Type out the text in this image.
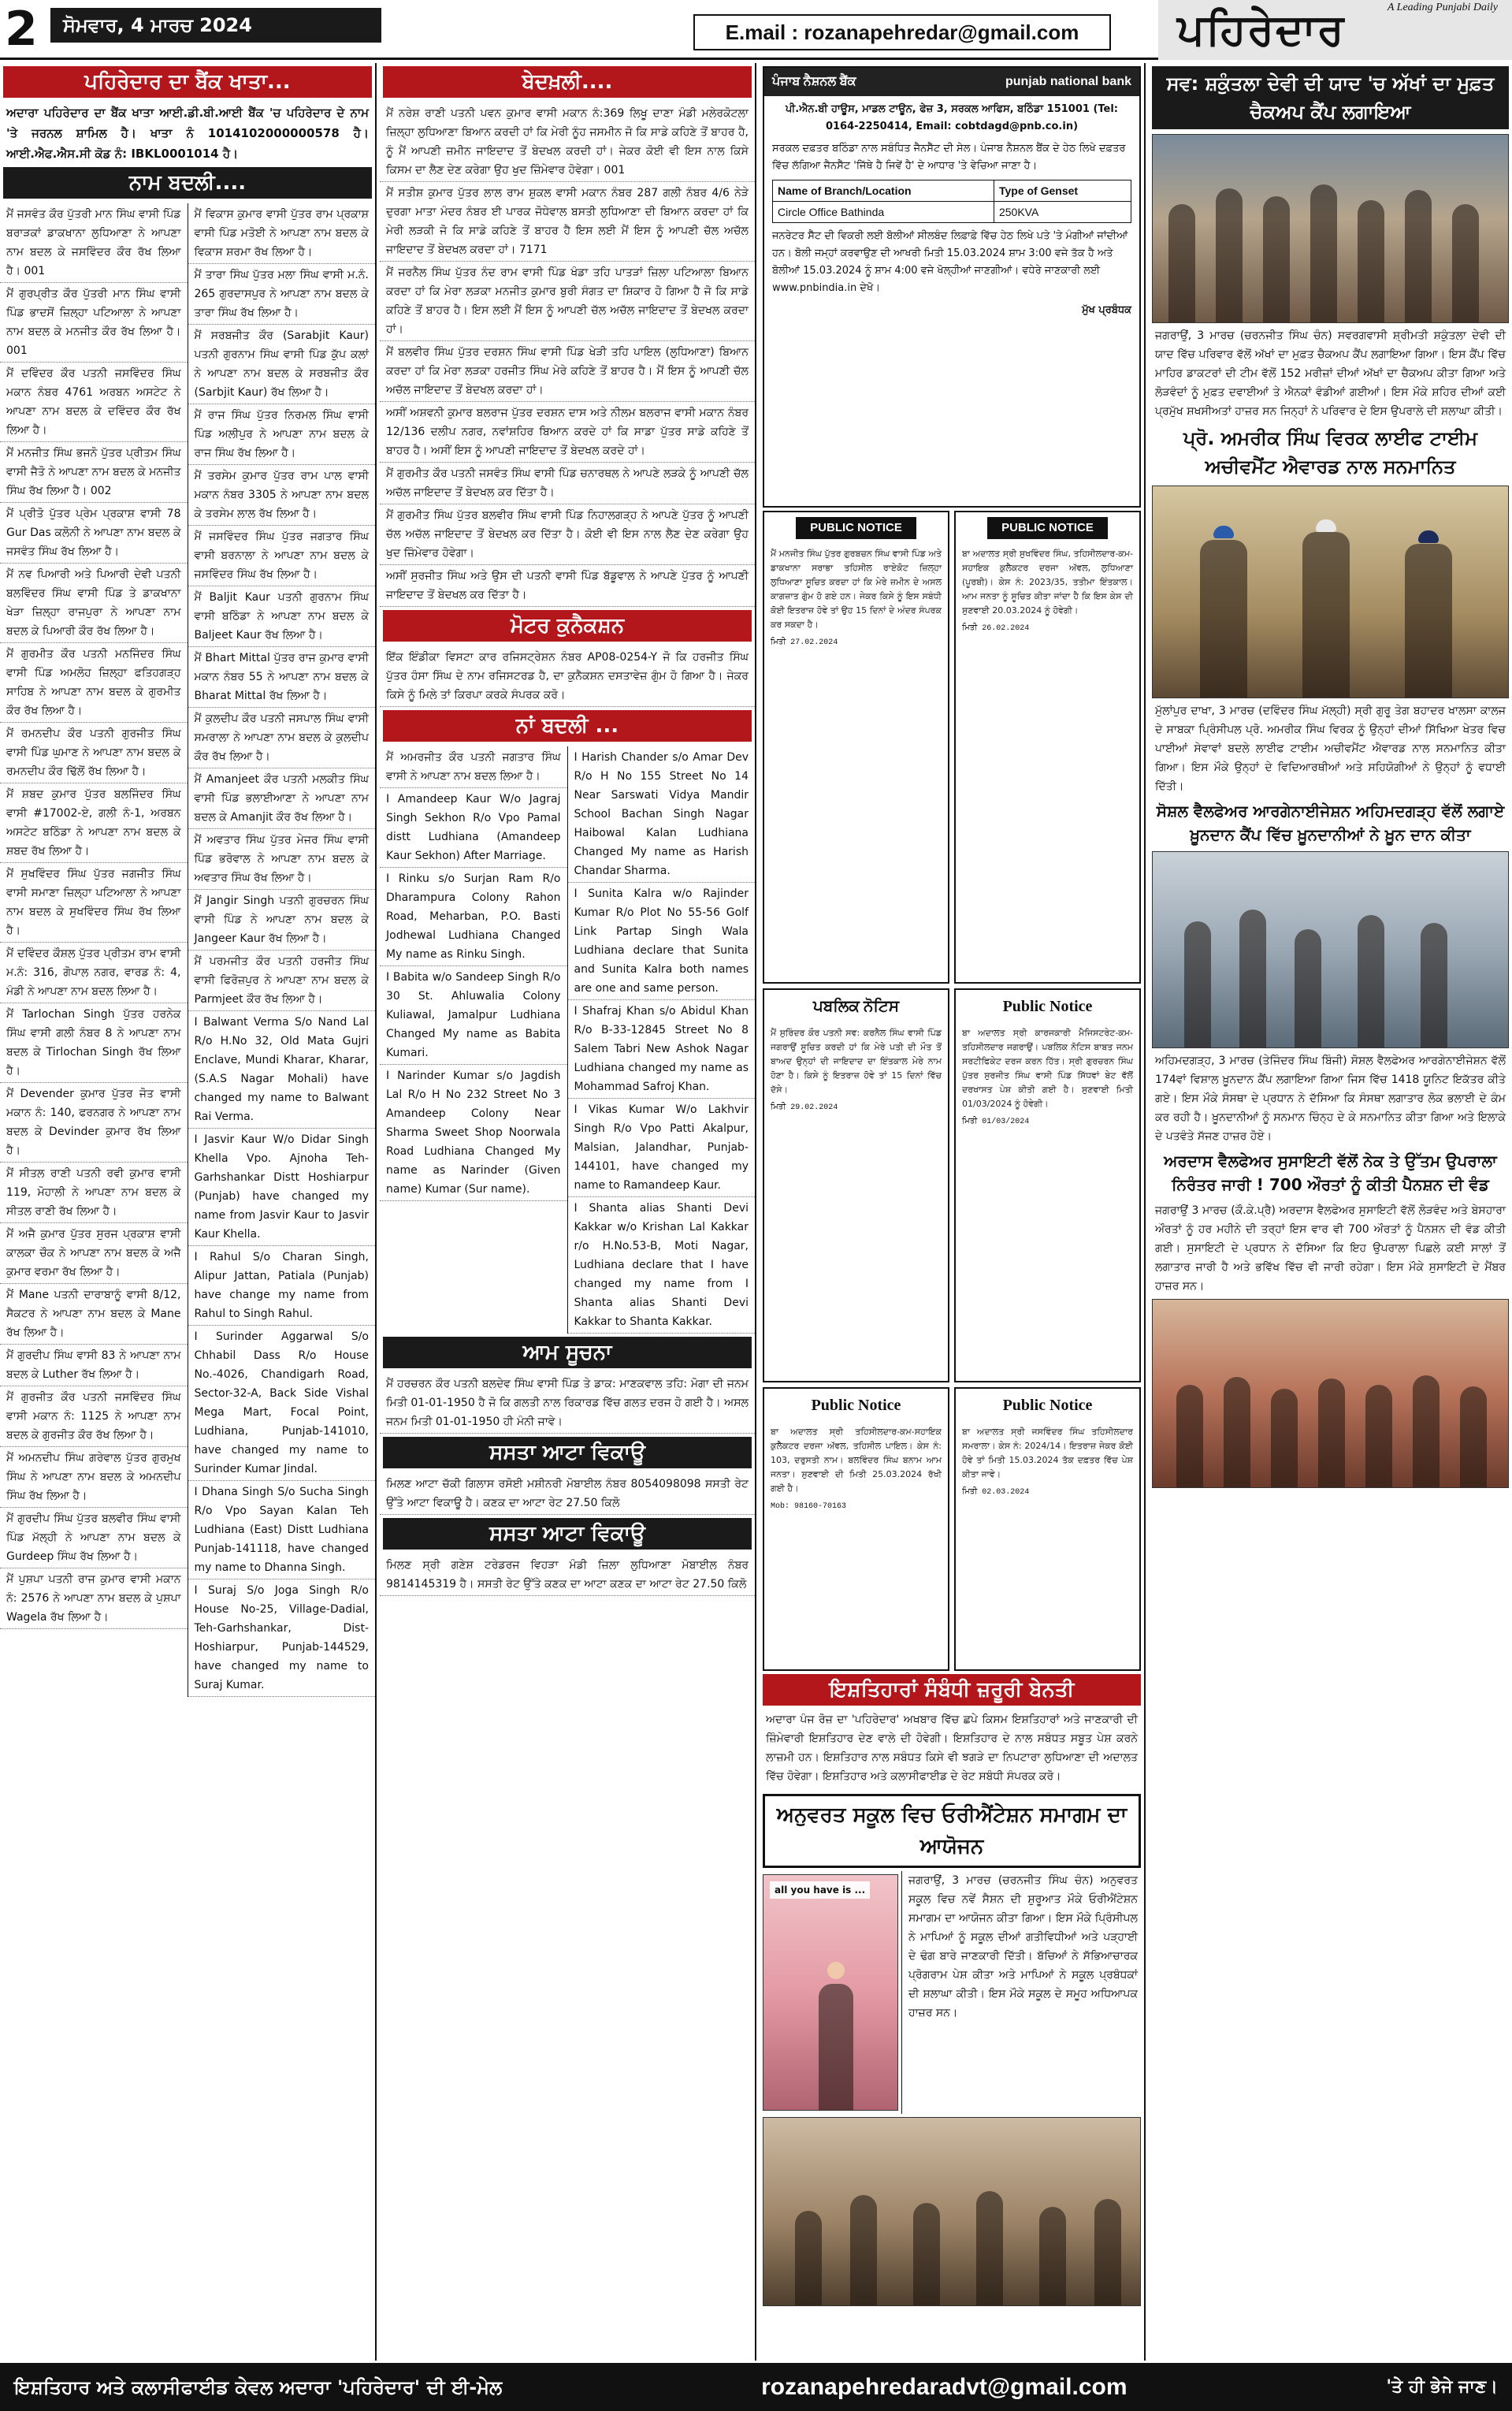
2	ਸੋਮਵਾਰ, 4 ਮਾਰਚ 2024	E.mail : rozanapehredar@gmail.com
A Leading Punjabi Daily
ਪਹਿਰੇਦਾਰ
ਪਹਿਰੇਦਾਰ ਦਾ ਬੈਂਕ ਖਾਤਾ...
ਅਦਾਰਾ ਪਹਿਰੇਦਾਰ ਦਾ ਬੈਂਕ ਖਾਤਾ ਆਈ.ਡੀ.ਬੀ.ਆਈ ਬੈਂਕ 'ਚ ਪਹਿਰੇਦਾਰ ਦੇ ਨਾਮ 'ਤੇ ਜਰਨਲ ਸ਼ਾਮਿਲ ਹੈ। ਖਾਤਾ ਨੰ 1014102000000578 ਹੈ। ਆਈ.ਐਫ.ਐਸ.ਸੀ ਕੋਡ ਨੰ: IBKL0001014 ਹੈ।
ਨਾਮ ਬਦਲੀ....
ਮੈਂ ਜਸਵੰਤ ਕੌਰ ਪੁੱਤਰੀ ਮਾਨ ਸਿੰਘ ਵਾਸੀ ਪਿੰਡ ਬਰਾੜਕਾਂ ਡਾਕਖਾਨਾ ਲੁਧਿਆਣਾ ਨੇ ਆਪਣਾ ਨਾਮ ਬਦਲ ਕੇ ਜਸਵਿੰਦਰ ਕੌਰ ਰੱਖ ਲਿਆ ਹੈ। 001
ਮੈਂ ਗੁਰਪ੍ਰੀਤ ਕੌਰ ਪੁੱਤਰੀ ਮਾਨ ਸਿੰਘ ਵਾਸੀ ਪਿੰਡ ਭਾਦਸੋਂ ਜ਼ਿਲ੍ਹਾ ਪਟਿਆਲਾ ਨੇ ਆਪਣਾ ਨਾਮ ਬਦਲ ਕੇ ਮਨਜੀਤ ਕੌਰ ਰੱਖ ਲਿਆ ਹੈ। 001
ਮੈਂ ਦਵਿੰਦਰ ਕੌਰ ਪਤਨੀ ਜਸਵਿੰਦਰ ਸਿੰਘ ਮਕਾਨ ਨੰਬਰ 4761 ਅਰਬਨ ਅਸਟੇਟ ਨੇ ਆਪਣਾ ਨਾਮ ਬਦਲ ਕੇ ਦਵਿੰਦਰ ਕੌਰ ਰੱਖ ਲਿਆ ਹੈ।
ਮੈਂ ਮਨਜੀਤ ਸਿੰਘ ਭਜਨੋ ਪੁੱਤਰ ਪ੍ਰੀਤਮ ਸਿੰਘ ਵਾਸੀ ਜੈਤੋ ਨੇ ਆਪਣਾ ਨਾਮ ਬਦਲ ਕੇ ਮਨਜੀਤ ਸਿੰਘ ਰੱਖ ਲਿਆ ਹੈ। 002
ਮੈਂ ਪ੍ਰੀਤੋ ਪੁੱਤਰ ਪ੍ਰੇਮ ਪ੍ਰਕਾਸ਼ ਵਾਸੀ 78 Gur Das ਕਲੋਨੀ ਨੇ ਆਪਣਾ ਨਾਮ ਬਦਲ ਕੇ ਜਸਵੰਤ ਸਿੰਘ ਰੱਖ ਲਿਆ ਹੈ।
ਮੈਂ ਨਵ ਪਿਆਰੀ ਅਤੇ ਪਿਆਰੀ ਦੇਵੀ ਪਤਨੀ ਬਲਵਿੰਦਰ ਸਿੰਘ ਵਾਸੀ ਪਿੰਡ ਤੇ ਡਾਕਖਾਨਾ ਖੇੜਾ ਜ਼ਿਲ੍ਹਾ ਰਾਜਪੁਰਾ ਨੇ ਆਪਣਾ ਨਾਮ ਬਦਲ ਕੇ ਪਿਆਰੀ ਕੌਰ ਰੱਖ ਲਿਆ ਹੈ।
ਮੈਂ ਗੁਰਮੀਤ ਕੌਰ ਪਤਨੀ ਮਨਜਿੰਦਰ ਸਿੰਘ ਵਾਸੀ ਪਿੰਡ ਅਮਲੋਹ ਜ਼ਿਲ੍ਹਾ ਫਤਿਹਗੜ੍ਹ ਸਾਹਿਬ ਨੇ ਆਪਣਾ ਨਾਮ ਬਦਲ ਕੇ ਗੁਰਮੀਤ ਕੌਰ ਰੱਖ ਲਿਆ ਹੈ।
ਮੈਂ ਰਮਨਦੀਪ ਕੌਰ ਪਤਨੀ ਗੁਰਜੀਤ ਸਿੰਘ ਵਾਸੀ ਪਿੰਡ ਘੁਮਾਣ ਨੇ ਆਪਣਾ ਨਾਮ ਬਦਲ ਕੇ ਰਮਨਦੀਪ ਕੌਰ ਢਿੱਲੋਂ ਰੱਖ ਲਿਆ ਹੈ।
ਮੈਂ ਸ਼ਬਦ ਕੁਮਾਰ ਪੁੱਤਰ ਬਲਜਿੰਦਰ ਸਿੰਘ ਵਾਸੀ #17002-ਏ, ਗਲੀ ਨੰ-1, ਅਰਬਨ ਅਸਟੇਟ ਬਠਿੰਡਾ ਨੇ ਆਪਣਾ ਨਾਮ ਬਦਲ ਕੇ ਸ਼ਬਦ ਰੱਖ ਲਿਆ ਹੈ।
ਮੈਂ ਸੁਖਵਿੰਦਰ ਸਿੰਘ ਪੁੱਤਰ ਜਗਜੀਤ ਸਿੰਘ ਵਾਸੀ ਸਮਾਣਾ ਜ਼ਿਲ੍ਹਾ ਪਟਿਆਲਾ ਨੇ ਆਪਣਾ ਨਾਮ ਬਦਲ ਕੇ ਸੁਖਵਿੰਦਰ ਸਿੰਘ ਰੱਖ ਲਿਆ ਹੈ।
ਮੈਂ ਦਵਿੰਦਰ ਕੌਸ਼ਲ ਪੁੱਤਰ ਪ੍ਰੀਤਮ ਰਾਮ ਵਾਸੀ ਮ.ਨੰ: 316, ਗੋਪਾਲ ਨਗਰ, ਵਾਰਡ ਨੰ: 4, ਮੰਡੀ ਨੇ ਆਪਣਾ ਨਾਮ ਬਦਲ ਲਿਆ ਹੈ।
ਮੈਂ Tarlochan Singh ਪੁੱਤਰ ਹਰਨੇਕ ਸਿੰਘ ਵਾਸੀ ਗਲੀ ਨੰਬਰ 8 ਨੇ ਆਪਣਾ ਨਾਮ ਬਦਲ ਕੇ Tirlochan Singh ਰੱਖ ਲਿਆ ਹੈ।
ਮੈਂ Devender ਕੁਮਾਰ ਪੁੱਤਰ ਜੋਤ ਵਾਸੀ ਮਕਾਨ ਨੰ: 140, ਫਰਨਗਰ ਨੇ ਆਪਣਾ ਨਾਮ ਬਦਲ ਕੇ Devinder ਕੁਮਾਰ ਰੱਖ ਲਿਆ ਹੈ।
ਮੈਂ ਸੀਤਲ ਰਾਣੀ ਪਤਨੀ ਰਵੀ ਕੁਮਾਰ ਵਾਸੀ 119, ਮੋਹਾਲੀ ਨੇ ਆਪਣਾ ਨਾਮ ਬਦਲ ਕੇ ਸੀਤਲ ਰਾਣੀ ਰੱਖ ਲਿਆ ਹੈ।
ਮੈਂ ਅਜੈ ਕੁਮਾਰ ਪੁੱਤਰ ਸੁਰਜ ਪ੍ਰਕਾਸ਼ ਵਾਸੀ ਕਾਲਕਾ ਚੌਕ ਨੇ ਆਪਣਾ ਨਾਮ ਬਦਲ ਕੇ ਅਜੈ ਕੁਮਾਰ ਵਰਮਾ ਰੱਖ ਲਿਆ ਹੈ।
ਮੈਂ Mane ਪਤਨੀ ਦਾਰਾਬਾਨੂੰ ਵਾਸੀ 8/12, ਸੈਕਟਰ ਨੇ ਆਪਣਾ ਨਾਮ ਬਦਲ ਕੇ Mane ਰੱਖ ਲਿਆ ਹੈ।
ਮੈਂ ਗੁਰਦੀਪ ਸਿੰਘ ਵਾਸੀ 83 ਨੇ ਆਪਣਾ ਨਾਮ ਬਦਲ ਕੇ Luther ਰੱਖ ਲਿਆ ਹੈ।
ਮੈਂ ਗੁਰਜੀਤ ਕੌਰ ਪਤਨੀ ਜਸਵਿੰਦਰ ਸਿੰਘ ਵਾਸੀ ਮਕਾਨ ਨੰ: 1125 ਨੇ ਆਪਣਾ ਨਾਮ ਬਦਲ ਕੇ ਗੁਰਜੀਤ ਕੌਰ ਰੱਖ ਲਿਆ ਹੈ।
ਮੈਂ ਅਮਨਦੀਪ ਸਿੰਘ ਗਰੇਵਾਲ ਪੁੱਤਰ ਗੁਰਮੁਖ ਸਿੰਘ ਨੇ ਆਪਣਾ ਨਾਮ ਬਦਲ ਕੇ ਅਮਨਦੀਪ ਸਿੰਘ ਰੱਖ ਲਿਆ ਹੈ।
ਮੈਂ ਗੁਰਦੀਪ ਸਿੰਘ ਪੁੱਤਰ ਬਲਵੀਰ ਸਿੰਘ ਵਾਸੀ ਪਿੰਡ ਮੱਲ੍ਹੀ ਨੇ ਆਪਣਾ ਨਾਮ ਬਦਲ ਕੇ Gurdeep ਸਿੰਘ ਰੱਖ ਲਿਆ ਹੈ।
ਮੈਂ ਪੁਸ਼ਪਾ ਪਤਨੀ ਰਾਜ ਕੁਮਾਰ ਵਾਸੀ ਮਕਾਨ ਨੰ: 2576 ਨੇ ਆਪਣਾ ਨਾਮ ਬਦਲ ਕੇ ਪੁਸ਼ਪਾ Wagela ਰੱਖ ਲਿਆ ਹੈ।
ਮੈਂ ਵਿਕਾਸ ਕੁਮਾਰ ਵਾਸੀ ਪੁੱਤਰ ਰਾਮ ਪ੍ਰਕਾਸ਼ ਵਾਸੀ ਪਿੰਡ ਮਤੋਈ ਨੇ ਆਪਣਾ ਨਾਮ ਬਦਲ ਕੇ ਵਿਕਾਸ ਸ਼ਰਮਾ ਰੱਖ ਲਿਆ ਹੈ।
ਮੈਂ ਤਾਰਾ ਸਿੰਘ ਪੁੱਤਰ ਮਲਾ ਸਿੰਘ ਵਾਸੀ ਮ.ਨੰ. 265 ਗੁਰਦਾਸਪੁਰ ਨੇ ਆਪਣਾ ਨਾਮ ਬਦਲ ਕੇ ਤਾਰਾ ਸਿੰਘ ਰੱਖ ਲਿਆ ਹੈ।
ਮੈਂ ਸਰਬਜੀਤ ਕੌਰ (Sarabjit Kaur) ਪਤਨੀ ਗੁਰਨਾਮ ਸਿੰਘ ਵਾਸੀ ਪਿੰਡ ਕੁੱਪ ਕਲਾਂ ਨੇ ਆਪਣਾ ਨਾਮ ਬਦਲ ਕੇ ਸਰਬਜੀਤ ਕੌਰ (Sarbjit Kaur) ਰੱਖ ਲਿਆ ਹੈ।
ਮੈਂ ਰਾਜ ਸਿੰਘ ਪੁੱਤਰ ਨਿਰਮਲ ਸਿੰਘ ਵਾਸੀ ਪਿੰਡ ਅਲੀਪੁਰ ਨੇ ਆਪਣਾ ਨਾਮ ਬਦਲ ਕੇ ਰਾਜ ਸਿੰਘ ਰੱਖ ਲਿਆ ਹੈ।
ਮੈਂ ਤਰਸੇਮ ਕੁਮਾਰ ਪੁੱਤਰ ਰਾਮ ਪਾਲ ਵਾਸੀ ਮਕਾਨ ਨੰਬਰ 3305 ਨੇ ਆਪਣਾ ਨਾਮ ਬਦਲ ਕੇ ਤਰਸੇਮ ਲਾਲ ਰੱਖ ਲਿਆ ਹੈ।
ਮੈਂ ਜਸਵਿੰਦਰ ਸਿੰਘ ਪੁੱਤਰ ਜਗਤਾਰ ਸਿੰਘ ਵਾਸੀ ਬਰਨਾਲਾ ਨੇ ਆਪਣਾ ਨਾਮ ਬਦਲ ਕੇ ਜਸਵਿੰਦਰ ਸਿੰਘ ਰੱਖ ਲਿਆ ਹੈ।
ਮੈਂ Baljit Kaur ਪਤਨੀ ਗੁਰਨਾਮ ਸਿੰਘ ਵਾਸੀ ਬਠਿੰਡਾ ਨੇ ਆਪਣਾ ਨਾਮ ਬਦਲ ਕੇ Baljeet Kaur ਰੱਖ ਲਿਆ ਹੈ।
ਮੈਂ Bhart Mittal ਪੁੱਤਰ ਰਾਜ ਕੁਮਾਰ ਵਾਸੀ ਮਕਾਨ ਨੰਬਰ 55 ਨੇ ਆਪਣਾ ਨਾਮ ਬਦਲ ਕੇ Bharat Mittal ਰੱਖ ਲਿਆ ਹੈ।
ਮੈਂ ਕੁਲਦੀਪ ਕੌਰ ਪਤਨੀ ਜਸਪਾਲ ਸਿੰਘ ਵਾਸੀ ਸਮਰਾਲਾ ਨੇ ਆਪਣਾ ਨਾਮ ਬਦਲ ਕੇ ਕੁਲਦੀਪ ਕੌਰ ਰੱਖ ਲਿਆ ਹੈ।
ਮੈਂ Amanjeet ਕੌਰ ਪਤਨੀ ਮਲਕੀਤ ਸਿੰਘ ਵਾਸੀ ਪਿੰਡ ਭਲਾਈਆਣਾ ਨੇ ਆਪਣਾ ਨਾਮ ਬਦਲ ਕੇ Amanjit ਕੌਰ ਰੱਖ ਲਿਆ ਹੈ।
ਮੈਂ ਅਵਤਾਰ ਸਿੰਘ ਪੁੱਤਰ ਮੇਜਰ ਸਿੰਘ ਵਾਸੀ ਪਿੰਡ ਭਰੋਵਾਲ ਨੇ ਆਪਣਾ ਨਾਮ ਬਦਲ ਕੇ ਅਵਤਾਰ ਸਿੰਘ ਰੱਖ ਲਿਆ ਹੈ।
ਮੈਂ Jangir Singh ਪਤਨੀ ਗੁਰਚਰਨ ਸਿੰਘ ਵਾਸੀ ਪਿੰਡ ਨੇ ਆਪਣਾ ਨਾਮ ਬਦਲ ਕੇ Jangeer Kaur ਰੱਖ ਲਿਆ ਹੈ।
ਮੈਂ ਪਰਮਜੀਤ ਕੌਰ ਪਤਨੀ ਹਰਜੀਤ ਸਿੰਘ ਵਾਸੀ ਫਿਰੋਜ਼ਪੁਰ ਨੇ ਆਪਣਾ ਨਾਮ ਬਦਲ ਕੇ Parmjeet ਕੌਰ ਰੱਖ ਲਿਆ ਹੈ।
I Balwant Verma S/o Nand Lal R/o H.No 32, Old Mata Gujri Enclave, Mundi Kharar, Kharar, (S.A.S Nagar Mohali) have changed my name to Balwant Rai Verma.
I Jasvir Kaur W/o Didar Singh Khella Vpo. Ajnoha Teh-Garhshankar Distt Hoshiarpur (Punjab) have changed my name from Jasvir Kaur to Jasvir Kaur Khella.
I Rahul S/o Charan Singh, Alipur Jattan, Patiala (Punjab) have change my name from Rahul to Singh Rahul.
I Surinder Aggarwal S/o Chhabil Dass R/o House No.-4026, Chandigarh Road, Sector-32-A, Back Side Vishal Mega Mart, Focal Point, Ludhiana, Punjab-141010, have changed my name to Surinder Kumar Jindal.
I Dhana Singh S/o Sucha Singh R/o Vpo Sayan Kalan Teh Ludhiana (East) Distt Ludhiana Punjab-141118, have changed my name to Dhanna Singh.
I Suraj S/o Joga Singh R/o House No-25, Village-Dadial, Teh-Garhshankar, Dist-Hoshiarpur, Punjab-144529, have changed my name to Suraj Kumar.
ਬੇਦਖ਼ਲੀ....
ਮੈਂ ਨਰੇਸ਼ ਰਾਣੀ ਪਤਨੀ ਪਵਨ ਕੁਮਾਰ ਵਾਸੀ ਮਕਾਨ ਨੰ:369 ਲਿਖੂ ਦਾਣਾ ਮੰਡੀ ਮਲੇਰਕੋਟਲਾ ਜ਼ਿਲ੍ਹਾ ਲੁਧਿਆਣਾ ਬਿਆਨ ਕਰਦੀ ਹਾਂ ਕਿ ਮੇਰੀ ਨੂੰਹ ਜਸਮੀਨ ਜੋ ਕਿ ਸਾਡੇ ਕਹਿਣੇ ਤੋਂ ਬਾਹਰ ਹੈ, ਨੂੰ ਮੈਂ ਆਪਣੀ ਜ਼ਮੀਨ ਜਾਇਦਾਦ ਤੋਂ ਬੇਦਖਲ ਕਰਦੀ ਹਾਂ। ਜੇਕਰ ਕੋਈ ਵੀ ਇਸ ਨਾਲ ਕਿਸੇ ਕਿਸਮ ਦਾ ਲੈਣ ਦੇਣ ਕਰੇਗਾ ਉਹ ਖੁਦ ਜ਼ਿੰਮੇਵਾਰ ਹੋਵੇਗਾ। 001
ਮੈਂ ਸਤੀਸ਼ ਕੁਮਾਰ ਪੁੱਤਰ ਲਾਲ ਰਾਮ ਸ਼ੁਕਲ ਵਾਸੀ ਮਕਾਨ ਨੰਬਰ 287 ਗਲੀ ਨੰਬਰ 4/6 ਨੇੜੇ ਦੁਰਗਾ ਮਾਤਾ ਮੰਦਰ ਨੰਬਰ ਈ ਪਾਰਕ ਜੋਧੇਵਾਲ ਬਸਤੀ ਲੁਧਿਆਣਾ ਦੀ ਬਿਆਨ ਕਰਦਾ ਹਾਂ ਕਿ ਮੇਰੀ ਲੜਕੀ ਜੋ ਕਿ ਸਾਡੇ ਕਹਿਣੇ ਤੋਂ ਬਾਹਰ ਹੈ ਇਸ ਲਈ ਮੈਂ ਇਸ ਨੂੰ ਆਪਣੀ ਚੱਲ ਅਚੱਲ ਜਾਇਦਾਦ ਤੋਂ ਬੇਦਖਲ ਕਰਦਾ ਹਾਂ। 7171
ਮੈਂ ਜਰਨੈਲ ਸਿੰਘ ਪੁੱਤਰ ਨੰਦ ਰਾਮ ਵਾਸੀ ਪਿੰਡ ਖੰਡਾ ਤਹਿ ਪਾਤੜਾਂ ਜ਼ਿਲਾ ਪਟਿਆਲਾ ਬਿਆਨ ਕਰਦਾ ਹਾਂ ਕਿ ਮੇਰਾ ਲੜਕਾ ਮਨਜੀਤ ਕੁਮਾਰ ਬੁਰੀ ਸੰਗਤ ਦਾ ਸ਼ਿਕਾਰ ਹੋ ਗਿਆ ਹੈ ਜੋ ਕਿ ਸਾਡੇ ਕਹਿਣੇ ਤੋਂ ਬਾਹਰ ਹੈ। ਇਸ ਲਈ ਮੈਂ ਇਸ ਨੂੰ ਆਪਣੀ ਚੱਲ ਅਚੱਲ ਜਾਇਦਾਦ ਤੋਂ ਬੇਦਖਲ ਕਰਦਾ ਹਾਂ।
ਮੈਂ ਬਲਵੀਰ ਸਿੰਘ ਪੁੱਤਰ ਦਰਸ਼ਨ ਸਿੰਘ ਵਾਸੀ ਪਿੰਡ ਖੇੜੀ ਤਹਿ ਪਾਇਲ (ਲੁਧਿਆਣਾ) ਬਿਆਨ ਕਰਦਾ ਹਾਂ ਕਿ ਮੇਰਾ ਲੜਕਾ ਹਰਜੀਤ ਸਿੰਘ ਮੇਰੇ ਕਹਿਣੇ ਤੋਂ ਬਾਹਰ ਹੈ। ਮੈਂ ਇਸ ਨੂੰ ਆਪਣੀ ਚੱਲ ਅਚੱਲ ਜਾਇਦਾਦ ਤੋਂ ਬੇਦਖਲ ਕਰਦਾ ਹਾਂ।
ਅਸੀਂ ਅਸ਼ਵਨੀ ਕੁਮਾਰ ਬਲਰਾਜ ਪੁੱਤਰ ਦਰਸ਼ਨ ਦਾਸ ਅਤੇ ਨੀਲਮ ਬਲਰਾਜ ਵਾਸੀ ਮਕਾਨ ਨੰਬਰ 12/136 ਦਲੀਪ ਨਗਰ, ਨਵਾਂਸ਼ਹਿਰ ਬਿਆਨ ਕਰਦੇ ਹਾਂ ਕਿ ਸਾਡਾ ਪੁੱਤਰ ਸਾਡੇ ਕਹਿਣੇ ਤੋਂ ਬਾਹਰ ਹੈ। ਅਸੀਂ ਇਸ ਨੂੰ ਆਪਣੀ ਜਾਇਦਾਦ ਤੋਂ ਬੇਦਖਲ ਕਰਦੇ ਹਾਂ।
ਮੈਂ ਗੁਰਮੀਤ ਕੌਰ ਪਤਨੀ ਜਸਵੰਤ ਸਿੰਘ ਵਾਸੀ ਪਿੰਡ ਚਨਾਰਥਲ ਨੇ ਆਪਣੇ ਲੜਕੇ ਨੂੰ ਆਪਣੀ ਚੱਲ ਅਚੱਲ ਜਾਇਦਾਦ ਤੋਂ ਬੇਦਖਲ ਕਰ ਦਿੱਤਾ ਹੈ।
ਮੈਂ ਗੁਰਮੀਤ ਸਿੰਘ ਪੁੱਤਰ ਬਲਵੀਰ ਸਿੰਘ ਵਾਸੀ ਪਿੰਡ ਨਿਹਾਲਗੜ੍ਹ ਨੇ ਆਪਣੇ ਪੁੱਤਰ ਨੂੰ ਆਪਣੀ ਚੱਲ ਅਚੱਲ ਜਾਇਦਾਦ ਤੋਂ ਬੇਦਖਲ ਕਰ ਦਿੱਤਾ ਹੈ। ਕੋਈ ਵੀ ਇਸ ਨਾਲ ਲੈਣ ਦੇਣ ਕਰੇਗਾ ਉਹ ਖੁਦ ਜ਼ਿੰਮੇਵਾਰ ਹੋਵੇਗਾ।
ਅਸੀਂ ਸੁਰਜੀਤ ਸਿੰਘ ਅਤੇ ਉਸ ਦੀ ਪਤਨੀ ਵਾਸੀ ਪਿੰਡ ਬੱਡੂਵਾਲ ਨੇ ਆਪਣੇ ਪੁੱਤਰ ਨੂੰ ਆਪਣੀ ਜਾਇਦਾਦ ਤੋਂ ਬੇਦਖਲ ਕਰ ਦਿੱਤਾ ਹੈ।
ਮੋਟਰ ਕੁਨੈਕਸ਼ਨ
ਇੱਕ ਇੰਡੀਕਾ ਵਿਸਟਾ ਕਾਰ ਰਜਿਸਟ੍ਰੇਸ਼ਨ ਨੰਬਰ AP08-0254-Y ਜੋ ਕਿ ਹਰਜੀਤ ਸਿੰਘ ਪੁੱਤਰ ਹੰਸਾ ਸਿੰਘ ਦੇ ਨਾਮ ਰਜਿਸਟਰਡ ਹੈ, ਦਾ ਕੁਨੈਕਸ਼ਨ ਦਸਤਾਵੇਜ਼ ਗੁੰਮ ਹੋ ਗਿਆ ਹੈ। ਜੇਕਰ ਕਿਸੇ ਨੂੰ ਮਿਲੇ ਤਾਂ ਕਿਰਪਾ ਕਰਕੇ ਸੰਪਰਕ ਕਰੋ।
ਨਾਂ ਬਦਲੀ ...
ਮੈਂ ਅਮਰਜੀਤ ਕੌਰ ਪਤਨੀ ਜਗਤਾਰ ਸਿੰਘ ਵਾਸੀ ਨੇ ਆਪਣਾ ਨਾਮ ਬਦਲ ਲਿਆ ਹੈ।
I Amandeep Kaur W/o Jagraj Singh Sekhon R/o Vpo Pamal distt Ludhiana (Amandeep Kaur Sekhon) After Marriage.
I Rinku s/o Surjan Ram R/o Dharampura Colony Rahon Road, Meharban, P.O. Basti Jodhewal Ludhiana Changed My name as Rinku Singh.
I Babita w/o Sandeep Singh R/o 30 St. Ahluwalia Colony Kuliawal, Jamalpur Ludhiana Changed My name as Babita Kumari.
I Narinder Kumar s/o Jagdish Lal R/o H No 232 Street No 3 Amandeep Colony Near Sharma Sweet Shop Noorwala Road Ludhiana Changed My name as Narinder (Given name) Kumar (Sur name).
I Harish Chander s/o Amar Dev R/o H No 155 Street No 14 Near Sarswati Vidya Mandir School Bachan Singh Nagar Haibowal Kalan Ludhiana Changed My name as Harish Chandar Sharma.
I Sunita Kalra w/o Rajinder Kumar R/o Plot No 55-56 Golf Link Partap Singh Wala Ludhiana declare that Sunita and Sunita Kalra both names are one and same person.
I Shafraj Khan s/o Abidul Khan R/o B-33-12845 Street No 8 Salem Tabri New Ashok Nagar Ludhiana changed my name as Mohammad Safroj Khan.
I Vikas Kumar W/o Lakhvir Singh R/o Vpo Patti Akalpur, Malsian, Jalandhar, Punjab-144101, have changed my name to Ramandeep Kaur.
I Shanta alias Shanti Devi Kakkar w/o Krishan Lal Kakkar r/o H.No.53-B, Moti Nagar, Ludhiana declare that I have changed my name from I Shanta alias Shanti Devi Kakkar to Shanta Kakkar.
ਆਮ ਸੂਚਨਾ
ਮੈਂ ਹਰਚਰਨ ਕੌਰ ਪਤਨੀ ਬਲਦੇਵ ਸਿੰਘ ਵਾਸੀ ਪਿੰਡ ਤੇ ਡਾਕ: ਮਾਣਕਵਾਲ ਤਹਿ: ਮੋਗਾ ਦੀ ਜਨਮ ਮਿਤੀ 01-01-1950 ਹੈ ਜੋ ਕਿ ਗਲਤੀ ਨਾਲ ਰਿਕਾਰਡ ਵਿੱਚ ਗਲਤ ਦਰਜ ਹੋ ਗਈ ਹੈ। ਅਸਲ ਜਨਮ ਮਿਤੀ 01-01-1950 ਹੀ ਮੰਨੀ ਜਾਵੇ।
ਸਸਤਾ ਆਟਾ ਵਿਕਾਊ
ਮਿਲਣ ਆਟਾ ਚੱਕੀ ਗਿਲਾਸ ਰਸੋਈ ਮਸ਼ੀਨਰੀ ਮੋਬਾਈਲ ਨੰਬਰ 8054098098 ਸਸਤੀ ਰੇਟ ਉੱਤੇ ਆਟਾ ਵਿਕਾਊ ਹੈ। ਕਣਕ ਦਾ ਆਟਾ ਰੇਟ 27.50 ਕਿਲੋ
ਸਸਤਾ ਆਟਾ ਵਿਕਾਊ
ਮਿਲਣ ਸ੍ਰੀ ਗਣੇਸ਼ ਟਰੇਡਰਜ ਵਿਹੜਾ ਮੰਡੀ ਜ਼ਿਲਾ ਲੁਧਿਆਣਾ ਮੋਬਾਈਲ ਨੰਬਰ 9814145319 ਹੈ। ਸਸਤੀ ਰੇਟ ਉੱਤੇ ਕਣਕ ਦਾ ਆਟਾ ਕਣਕ ਦਾ ਆਟਾ ਰੇਟ 27.50 ਕਿਲੋ
ਪੰਜਾਬ ਨੈਸ਼ਨਲ ਬੈਂਕ	punjab national bank
ਪੀ.ਐਨ.ਬੀ ਹਾਊਸ, ਮਾਡਲ ਟਾਊਨ, ਫੇਜ਼ 3, ਸਰਕਲ ਆਫਿਸ, ਬਠਿੰਡਾ 151001 (Tel: 0164-2250414, Email: cobtdagd@pnb.co.in)
ਸਰਕਲ ਦਫ਼ਤਰ ਬਠਿੰਡਾ ਨਾਲ ਸਬੰਧਿਤ ਜੈਨਸੈੱਟ ਦੀ ਸੇਲ। ਪੰਜਾਬ ਨੈਸ਼ਨਲ ਬੈਂਕ ਦੇ ਹੇਠ ਲਿਖੇ ਦਫ਼ਤਰ ਵਿੱਚ ਲੱਗਿਆ ਜੈਨਸੈੱਟ 'ਜਿੱਥੇ ਹੈ ਜਿਵੇਂ ਹੈ' ਦੇ ਆਧਾਰ 'ਤੇ ਵੇਚਿਆ ਜਾਣਾ ਹੈ।
Name of Branch/Location	Type of Genset
Circle Office Bathinda	250KVA
ਜਨਰੇਟਰ ਸੈੱਟ ਦੀ ਵਿਕਰੀ ਲਈ ਬੋਲੀਆਂ ਸੀਲਬੰਦ ਲਿਫ਼ਾਫ਼ੇ ਵਿੱਚ ਹੇਠ ਲਿਖੇ ਪਤੇ 'ਤੇ ਮੰਗੀਆਂ ਜਾਂਦੀਆਂ ਹਨ। ਬੋਲੀ ਜਮ੍ਹਾਂ ਕਰਵਾਉਣ ਦੀ ਆਖਰੀ ਮਿਤੀ 15.03.2024 ਸ਼ਾਮ 3:00 ਵਜੇ ਤੱਕ ਹੈ ਅਤੇ ਬੋਲੀਆਂ 15.03.2024 ਨੂੰ ਸ਼ਾਮ 4:00 ਵਜੇ ਖੋਲ੍ਹੀਆਂ ਜਾਣਗੀਆਂ। ਵਧੇਰੇ ਜਾਣਕਾਰੀ ਲਈ www.pnbindia.in ਦੇਖੋ।
ਮੁੱਖ ਪ੍ਰਬੰਧਕ
PUBLIC NOTICE
ਮੈਂ ਮਨਜੀਤ ਸਿੰਘ ਪੁੱਤਰ ਗੁਰਬਚਨ ਸਿੰਘ ਵਾਸੀ ਪਿੰਡ ਅਤੇ ਡਾਕਖਾਨਾ ਸਰਾਭਾ ਤਹਿਸੀਲ ਰਾਏਕੋਟ ਜ਼ਿਲ੍ਹਾ ਲੁਧਿਆਣਾ ਸੂਚਿਤ ਕਰਦਾ ਹਾਂ ਕਿ ਮੇਰੇ ਜ਼ਮੀਨ ਦੇ ਅਸਲ ਕਾਗਜ਼ਾਤ ਗੁੰਮ ਹੋ ਗਏ ਹਨ। ਜੇਕਰ ਕਿਸੇ ਨੂੰ ਇਸ ਸਬੰਧੀ ਕੋਈ ਇਤਰਾਜ਼ ਹੋਵੇ ਤਾਂ ਉਹ 15 ਦਿਨਾਂ ਦੇ ਅੰਦਰ ਸੰਪਰਕ ਕਰ ਸਕਦਾ ਹੈ।
ਮਿਤੀ 27.02.2024
PUBLIC NOTICE
ਬਾ ਅਦਾਲਤ ਸ੍ਰੀ ਸੁਖਵਿੰਦਰ ਸਿੰਘ, ਤਹਿਸੀਲਦਾਰ-ਕਮ-ਸਹਾਇਕ ਕੁਲੈਕਟਰ ਦਰਜਾ ਅੱਵਲ, ਲੁਧਿਆਣਾ (ਪੂਰਬੀ)। ਕੇਸ ਨੰ: 2023/35, ਤਤੀਮਾ ਇੰਤਕਾਲ। ਆਮ ਜਨਤਾ ਨੂੰ ਸੂਚਿਤ ਕੀਤਾ ਜਾਂਦਾ ਹੈ ਕਿ ਇਸ ਕੇਸ ਦੀ ਸੁਣਵਾਈ 20.03.2024 ਨੂੰ ਹੋਵੇਗੀ।
ਮਿਤੀ 26.02.2024
ਪਬਲਿਕ ਨੋਟਿਸ
ਮੈਂ ਸੁਰਿੰਦਰ ਕੌਰ ਪਤਨੀ ਸਵ: ਕਰਨੈਲ ਸਿੰਘ ਵਾਸੀ ਪਿੰਡ ਜਗਰਾਉਂ ਸੂਚਿਤ ਕਰਦੀ ਹਾਂ ਕਿ ਮੇਰੇ ਪਤੀ ਦੀ ਮੌਤ ਤੋਂ ਬਾਅਦ ਉਨ੍ਹਾਂ ਦੀ ਜਾਇਦਾਦ ਦਾ ਇੰਤਕਾਲ ਮੇਰੇ ਨਾਮ ਹੋਣਾ ਹੈ। ਕਿਸੇ ਨੂੰ ਇਤਰਾਜ਼ ਹੋਵੇ ਤਾਂ 15 ਦਿਨਾਂ ਵਿੱਚ ਦੱਸੇ।
ਮਿਤੀ 29.02.2024
Public Notice
ਬਾ ਅਦਾਲਤ ਸ੍ਰੀ ਕਾਰਜਕਾਰੀ ਮੈਜਿਸਟਰੇਟ-ਕਮ-ਤਹਿਸੀਲਦਾਰ ਜਗਰਾਉਂ। ਪਬਲਿਕ ਨੋਟਿਸ ਬਾਬਤ ਜਨਮ ਸਰਟੀਫਿਕੇਟ ਦਰਜ ਕਰਨ ਹਿੱਤ। ਸ੍ਰੀ ਗੁਰਚਰਨ ਸਿੰਘ ਪੁੱਤਰ ਸੁਰਜੀਤ ਸਿੰਘ ਵਾਸੀ ਪਿੰਡ ਸਿੱਧਵਾਂ ਬੇਟ ਵੱਲੋਂ ਦਰਖਾਸਤ ਪੇਸ਼ ਕੀਤੀ ਗਈ ਹੈ। ਸੁਣਵਾਈ ਮਿਤੀ 01/03/2024 ਨੂੰ ਹੋਵੇਗੀ।
ਮਿਤੀ 01/03/2024
Public Notice
ਬਾ ਅਦਾਲਤ ਸ੍ਰੀ ਤਹਿਸੀਲਦਾਰ-ਕਮ-ਸਹਾਇਕ ਕੁਲੈਕਟਰ ਦਰਜਾ ਅੱਵਲ, ਤਹਿਸੀਲ ਪਾਇਲ। ਕੇਸ ਨੰ: 103, ਦਰੁਸਤੀ ਨਾਮ। ਬਲਵਿੰਦਰ ਸਿੰਘ ਬਨਾਮ ਆਮ ਜਨਤਾ। ਸੁਣਵਾਈ ਦੀ ਮਿਤੀ 25.03.2024 ਰੱਖੀ ਗਈ ਹੈ।
Mob: 98160-70163
Public Notice
ਬਾ ਅਦਾਲਤ ਸ੍ਰੀ ਜਸਵਿੰਦਰ ਸਿੰਘ ਤਹਿਸੀਲਦਾਰ ਸਮਰਾਲਾ। ਕੇਸ ਨੰ: 2024/14। ਇਤਰਾਜ਼ ਜੇਕਰ ਕੋਈ ਹੋਵੇ ਤਾਂ ਮਿਤੀ 15.03.2024 ਤੱਕ ਦਫ਼ਤਰ ਵਿੱਚ ਪੇਸ਼ ਕੀਤਾ ਜਾਵੇ।
ਮਿਤੀ 02.03.2024
ਇਸ਼ਤਿਹਾਰਾਂ ਸੰਬੰਧੀ ਜ਼ਰੂਰੀ ਬੇਨਤੀ
ਅਦਾਰਾ ਪੰਜ ਰੋਜ਼ ਦਾ 'ਪਹਿਰੇਦਾਰ' ਅਖਬਾਰ ਵਿੱਚ ਛਪੇ ਕਿਸਮ ਇਸ਼ਤਿਹਾਰਾਂ ਅਤੇ ਜਾਣਕਾਰੀ ਦੀ ਜ਼ਿੰਮੇਵਾਰੀ ਇਸ਼ਤਿਹਾਰ ਦੇਣ ਵਾਲੇ ਦੀ ਹੋਵੇਗੀ। ਇਸ਼ਤਿਹਾਰ ਦੇ ਨਾਲ ਸਬੰਧਤ ਸਬੂਤ ਪੇਸ਼ ਕਰਨੇ ਲਾਜ਼ਮੀ ਹਨ। ਇਸ਼ਤਿਹਾਰ ਨਾਲ ਸਬੰਧਤ ਕਿਸੇ ਵੀ ਝਗੜੇ ਦਾ ਨਿਪਟਾਰਾ ਲੁਧਿਆਣਾ ਦੀ ਅਦਾਲਤ ਵਿੱਚ ਹੋਵੇਗਾ। ਇਸ਼ਤਿਹਾਰ ਅਤੇ ਕਲਾਸੀਫਾਈਡ ਦੇ ਰੇਟ ਸਬੰਧੀ ਸੰਪਰਕ ਕਰੋ।
ਅਨੁਵਰਤ ਸਕੂਲ ਵਿਚ ਓਰੀਐਂਟੇਸ਼ਨ ਸਮਾਗਮ ਦਾ ਆਯੋਜਨ
all you have is ...
ਜਗਰਾਉਂ, 3 ਮਾਰਚ (ਚਰਨਜੀਤ ਸਿੰਘ ਚੰਨ) ਅਨੁਵਰਤ ਸਕੂਲ ਵਿਚ ਨਵੇਂ ਸੈਸ਼ਨ ਦੀ ਸ਼ੁਰੂਆਤ ਮੌਕੇ ਓਰੀਐਂਟੇਸ਼ਨ ਸਮਾਗਮ ਦਾ ਆਯੋਜਨ ਕੀਤਾ ਗਿਆ। ਇਸ ਮੌਕੇ ਪ੍ਰਿੰਸੀਪਲ ਨੇ ਮਾਪਿਆਂ ਨੂੰ ਸਕੂਲ ਦੀਆਂ ਗਤੀਵਿਧੀਆਂ ਅਤੇ ਪੜ੍ਹਾਈ ਦੇ ਢੰਗ ਬਾਰੇ ਜਾਣਕਾਰੀ ਦਿੱਤੀ। ਬੱਚਿਆਂ ਨੇ ਸੱਭਿਆਚਾਰਕ ਪ੍ਰੋਗਰਾਮ ਪੇਸ਼ ਕੀਤਾ ਅਤੇ ਮਾਪਿਆਂ ਨੇ ਸਕੂਲ ਪ੍ਰਬੰਧਕਾਂ ਦੀ ਸ਼ਲਾਘਾ ਕੀਤੀ। ਇਸ ਮੌਕੇ ਸਕੂਲ ਦੇ ਸਮੂਹ ਅਧਿਆਪਕ ਹਾਜ਼ਰ ਸਨ।
ਸਵ: ਸ਼ਕੁੰਤਲਾ ਦੇਵੀ ਦੀ ਯਾਦ 'ਚ ਅੱਖਾਂ ਦਾ ਮੁਫ਼ਤ ਚੈਕਅਪ ਕੈਂਪ ਲਗਾਇਆ
ਜਗਰਾਉਂ, 3 ਮਾਰਚ (ਚਰਨਜੀਤ ਸਿੰਘ ਚੰਨ) ਸਵਰਗਵਾਸੀ ਸ਼੍ਰੀਮਤੀ ਸ਼ਕੁੰਤਲਾ ਦੇਵੀ ਦੀ ਯਾਦ ਵਿੱਚ ਪਰਿਵਾਰ ਵੱਲੋਂ ਅੱਖਾਂ ਦਾ ਮੁਫ਼ਤ ਚੈਕਅਪ ਕੈਂਪ ਲਗਾਇਆ ਗਿਆ। ਇਸ ਕੈਂਪ ਵਿੱਚ ਮਾਹਿਰ ਡਾਕਟਰਾਂ ਦੀ ਟੀਮ ਵੱਲੋਂ 152 ਮਰੀਜ਼ਾਂ ਦੀਆਂ ਅੱਖਾਂ ਦਾ ਚੈਕਅਪ ਕੀਤਾ ਗਿਆ ਅਤੇ ਲੋੜਵੰਦਾਂ ਨੂੰ ਮੁਫ਼ਤ ਦਵਾਈਆਂ ਤੇ ਐਨਕਾਂ ਵੰਡੀਆਂ ਗਈਆਂ। ਇਸ ਮੌਕੇ ਸ਼ਹਿਰ ਦੀਆਂ ਕਈ ਪ੍ਰਮੁੱਖ ਸ਼ਖਸੀਅਤਾਂ ਹਾਜ਼ਰ ਸਨ ਜਿਨ੍ਹਾਂ ਨੇ ਪਰਿਵਾਰ ਦੇ ਇਸ ਉਪਰਾਲੇ ਦੀ ਸ਼ਲਾਘਾ ਕੀਤੀ।
ਪ੍ਰੋ. ਅਮਰੀਕ ਸਿੰਘ ਵਿਰਕ ਲਾਈਫ ਟਾਈਮ ਅਚੀਵਮੈਂਟ ਐਵਾਰਡ ਨਾਲ ਸਨਮਾਨਿਤ
ਮੁੱਲਾਂਪੁਰ ਦਾਖਾ, 3 ਮਾਰਚ (ਦਵਿੰਦਰ ਸਿੰਘ ਮੱਲ੍ਹੀ) ਸ੍ਰੀ ਗੁਰੂ ਤੇਗ ਬਹਾਦਰ ਖਾਲਸਾ ਕਾਲਜ ਦੇ ਸਾਬਕਾ ਪ੍ਰਿੰਸੀਪਲ ਪ੍ਰੋ. ਅਮਰੀਕ ਸਿੰਘ ਵਿਰਕ ਨੂੰ ਉਨ੍ਹਾਂ ਦੀਆਂ ਸਿੱਖਿਆ ਖੇਤਰ ਵਿਚ ਪਾਈਆਂ ਸੇਵਾਵਾਂ ਬਦਲੇ ਲਾਈਫ ਟਾਈਮ ਅਚੀਵਮੈਂਟ ਐਵਾਰਡ ਨਾਲ ਸਨਮਾਨਿਤ ਕੀਤਾ ਗਿਆ। ਇਸ ਮੌਕੇ ਉਨ੍ਹਾਂ ਦੇ ਵਿਦਿਆਰਥੀਆਂ ਅਤੇ ਸਹਿਯੋਗੀਆਂ ਨੇ ਉਨ੍ਹਾਂ ਨੂੰ ਵਧਾਈ ਦਿੱਤੀ।
ਸੋਸ਼ਲ ਵੈਲਫੇਅਰ ਆਰਗੇਨਾਈਜੇਸ਼ਨ ਅਹਿਮਦਗੜ੍ਹ ਵੱਲੋਂ ਲਗਾਏ ਖ਼ੂਨਦਾਨ ਕੈਂਪ ਵਿੱਚ ਖ਼ੂਨਦਾਨੀਆਂ ਨੇ ਖ਼ੂਨ ਦਾਨ ਕੀਤਾ
ਅਹਿਮਦਗੜ੍ਹ, 3 ਮਾਰਚ (ਤੇਜਿੰਦਰ ਸਿੰਘ ਬਿੰਜੀ) ਸੋਸ਼ਲ ਵੈਲਫੇਅਰ ਆਰਗੇਨਾਈਜੇਸ਼ਨ ਵੱਲੋਂ 174ਵਾਂ ਵਿਸ਼ਾਲ ਖ਼ੂਨਦਾਨ ਕੈਂਪ ਲਗਾਇਆ ਗਿਆ ਜਿਸ ਵਿੱਚ 1418 ਯੂਨਿਟ ਇਕੱਤਰ ਕੀਤੇ ਗਏ। ਇਸ ਮੌਕੇ ਸੰਸਥਾ ਦੇ ਪ੍ਰਧਾਨ ਨੇ ਦੱਸਿਆ ਕਿ ਸੰਸਥਾ ਲਗਾਤਾਰ ਲੋਕ ਭਲਾਈ ਦੇ ਕੰਮ ਕਰ ਰਹੀ ਹੈ। ਖ਼ੂਨਦਾਨੀਆਂ ਨੂੰ ਸਨਮਾਨ ਚਿੰਨ੍ਹ ਦੇ ਕੇ ਸਨਮਾਨਿਤ ਕੀਤਾ ਗਿਆ ਅਤੇ ਇਲਾਕੇ ਦੇ ਪਤਵੰਤੇ ਸੱਜਣ ਹਾਜ਼ਰ ਹੋਏ।
ਅਰਦਾਸ ਵੈਲਫੇਅਰ ਸੁਸਾਇਟੀ ਵੱਲੋਂ ਨੇਕ ਤੇ ਉੱਤਮ ਉਪਰਾਲਾ ਨਿਰੰਤਰ ਜਾਰੀ ! 700 ਔਰਤਾਂ ਨੂੰ ਕੀਤੀ ਪੈਨਸ਼ਨ ਦੀ ਵੰਡ
ਜਗਰਾਉਂ 3 ਮਾਰਚ (ਕੌ.ਕੇ.ਪ੍ਰੈ) ਅਰਦਾਸ ਵੈਲਫੇਅਰ ਸੁਸਾਇਟੀ ਵੱਲੋਂ ਲੋੜਵੰਦ ਅਤੇ ਬੇਸਹਾਰਾ ਔਰਤਾਂ ਨੂੰ ਹਰ ਮਹੀਨੇ ਦੀ ਤਰ੍ਹਾਂ ਇਸ ਵਾਰ ਵੀ 700 ਔਰਤਾਂ ਨੂੰ ਪੈਨਸ਼ਨ ਦੀ ਵੰਡ ਕੀਤੀ ਗਈ। ਸੁਸਾਇਟੀ ਦੇ ਪ੍ਰਧਾਨ ਨੇ ਦੱਸਿਆ ਕਿ ਇਹ ਉਪਰਾਲਾ ਪਿਛਲੇ ਕਈ ਸਾਲਾਂ ਤੋਂ ਲਗਾਤਾਰ ਜਾਰੀ ਹੈ ਅਤੇ ਭਵਿੱਖ ਵਿੱਚ ਵੀ ਜਾਰੀ ਰਹੇਗਾ। ਇਸ ਮੌਕੇ ਸੁਸਾਇਟੀ ਦੇ ਮੈਂਬਰ ਹਾਜ਼ਰ ਸਨ।
ਇਸ਼ਤਿਹਾਰ ਅਤੇ ਕਲਾਸੀਫਾਈਡ ਕੇਵਲ ਅਦਾਰਾ 'ਪਹਿਰੇਦਾਰ' ਦੀ ਈ-ਮੇਲ	rozanapehredaradvt@gmail.com	'ਤੇ ਹੀ ਭੇਜੇ ਜਾਣ।
